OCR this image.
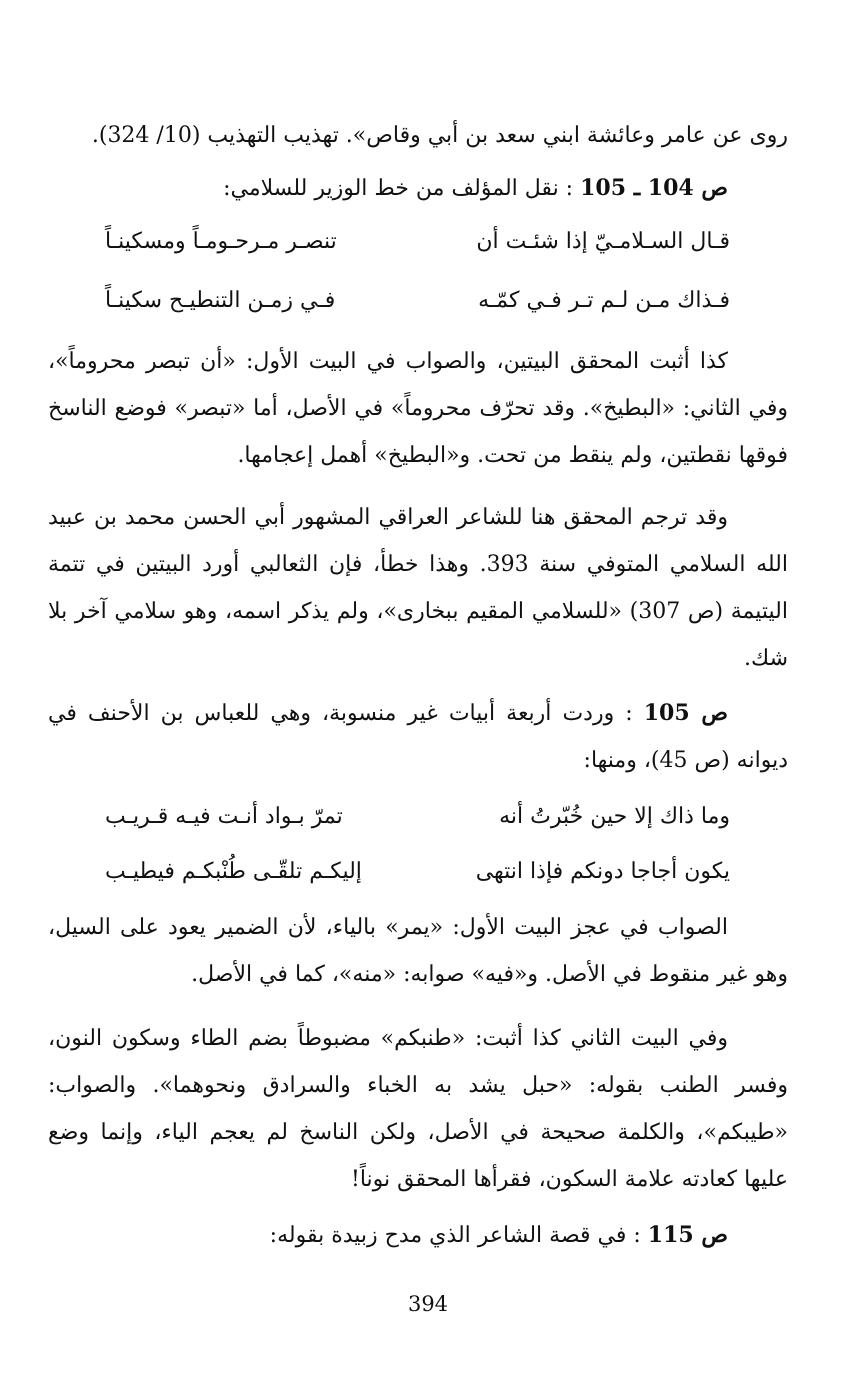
روى عن عامر وعائشة ابني سعد بن أبي وقاص». تهذيب التهذيب (10/ 324).

ص 104 ـ 105 : نقل المؤلف من خط الوزير للسلامي:

قـال السـلامـيّ إذا شئـت أن
تنصـر مـرحـومـاً ومسكينـاً
فـذاك مـن لـم تـر فـي كمّـه
فـي زمـن التنطيـح سكينـاً

كذا أثبت المحقق البيتين، والصواب في البيت الأول: «أن تبصر محروماً»، وفي الثاني: «البطيخ». وقد تحرّف محروماً» في الأصل، أما «تبصر» فوضع الناسخ فوقها نقطتين، ولم ينقط من تحت. و«البطيخ» أهمل إعجامها.

وقد ترجم المحقق هنا للشاعر العراقي المشهور أبي الحسن محمد بن عبيد الله السلامي المتوفي سنة 393. وهذا خطأ، فإن الثعالبي أورد البيتين في تتمة اليتيمة (ص 307) «للسلامي المقيم ببخارى»، ولم يذكر اسمه، وهو سلامي آخر بلا شك.

ص 105 : وردت أربعة أبيات غير منسوبة، وهي للعباس بن الأحنف في ديوانه (ص 45)، ومنها:

وما ذاك إلا حين خُبّرتُ أنه
تمرّ بـواد أنـت فيـه قـريـب
يكون أجاجا دونكم فإذا انتهى
إليكـم تلقّـى طُنْبكـم فيطيـب

الصواب في عجز البيت الأول: «يمر» بالياء، لأن الضمير يعود على السيل، وهو غير منقوط في الأصل. و«فيه» صوابه: «منه»، كما في الأصل.

وفي البيت الثاني كذا أثبت: «طنبكم» مضبوطاً بضم الطاء وسكون النون، وفسر الطنب بقوله: «حبل يشد به الخباء والسرادق ونحوهما». والصواب: «طيبكم»، والكلمة صحيحة في الأصل، ولكن الناسخ لم يعجم الياء، وإنما وضع عليها كعادته علامة السكون، فقرأها المحقق نوناً!

ص 115 : في قصة الشاعر الذي مدح زبيدة بقوله:

394
